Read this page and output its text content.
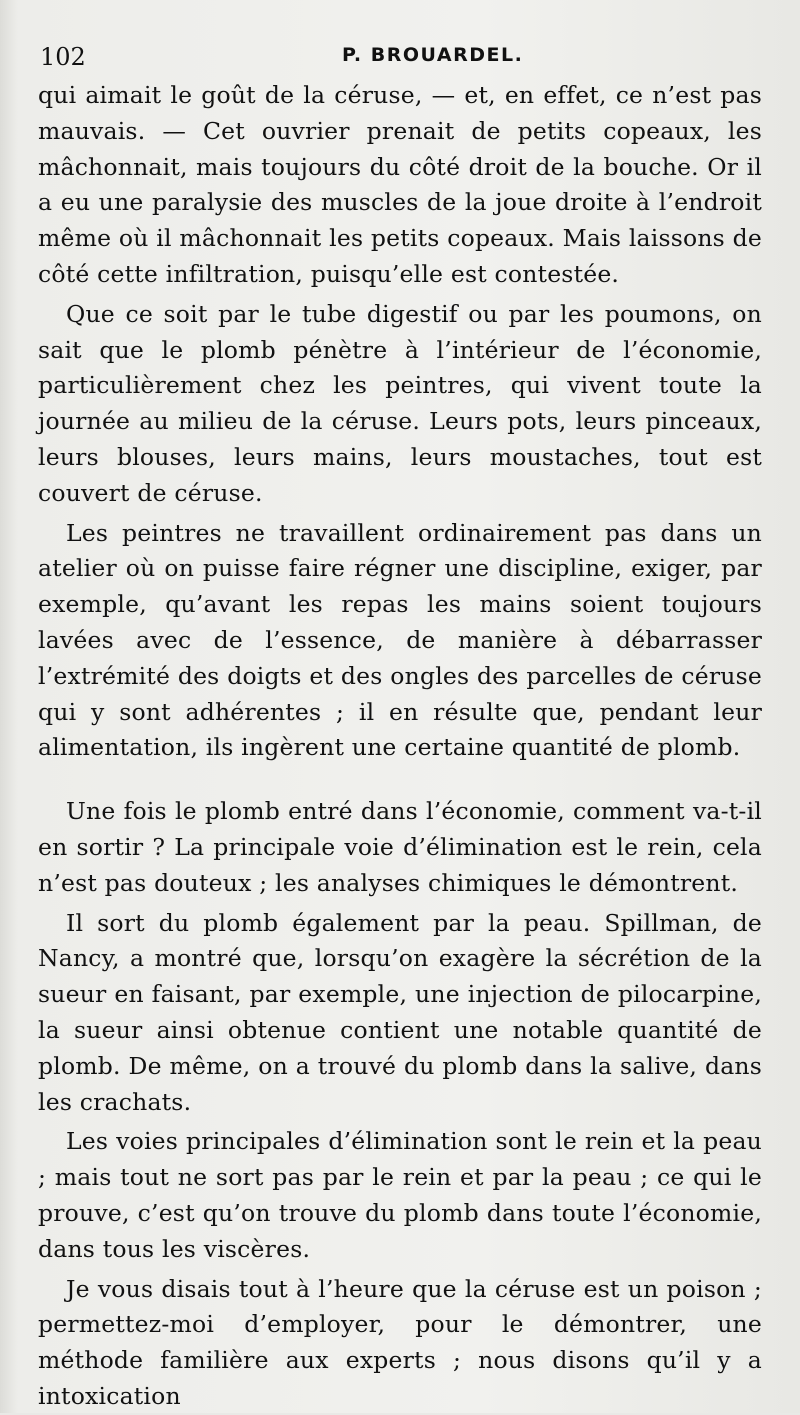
102	P. BROUARDEL.

qui aimait le goût de la céruse, — et, en effet, ce n’est pas mauvais. — Cet ouvrier prenait de petits copeaux, les mâchonnait, mais toujours du côté droit de la bouche. Or il a eu une paralysie des muscles de la joue droite à l’endroit même où il mâchonnait les petits copeaux. Mais laissons de côté cette infiltration, puisqu’elle est contestée.

Que ce soit par le tube digestif ou par les poumons, on sait que le plomb pénètre à l’intérieur de l’économie, particulièrement chez les peintres, qui vivent toute la journée au milieu de la céruse. Leurs pots, leurs pinceaux, leurs blouses, leurs mains, leurs moustaches, tout est couvert de céruse.

Les peintres ne travaillent ordinairement pas dans un atelier où on puisse faire régner une discipline, exiger, par exemple, qu’avant les repas les mains soient toujours lavées avec de l’essence, de manière à débarrasser l’extrémité des doigts et des ongles des parcelles de céruse qui y sont adhérentes ; il en résulte que, pendant leur alimentation, ils ingèrent une certaine quantité de plomb.

Une fois le plomb entré dans l’économie, comment va-t-il en sortir ? La principale voie d’élimination est le rein, cela n’est pas douteux ; les analyses chimiques le démontrent.

Il sort du plomb également par la peau. Spillman, de Nancy, a montré que, lorsqu’on exagère la sécrétion de la sueur en faisant, par exemple, une injection de pilocarpine, la sueur ainsi obtenue contient une notable quantité de plomb. De même, on a trouvé du plomb dans la salive, dans les crachats.

Les voies principales d’élimination sont le rein et la peau ; mais tout ne sort pas par le rein et par la peau ; ce qui le prouve, c’est qu’on trouve du plomb dans toute l’économie, dans tous les viscères.

Je vous disais tout à l’heure que la céruse est un poison ; permettez-moi d’employer, pour le démontrer, une méthode familière aux experts ; nous disons qu’il y a intoxication
